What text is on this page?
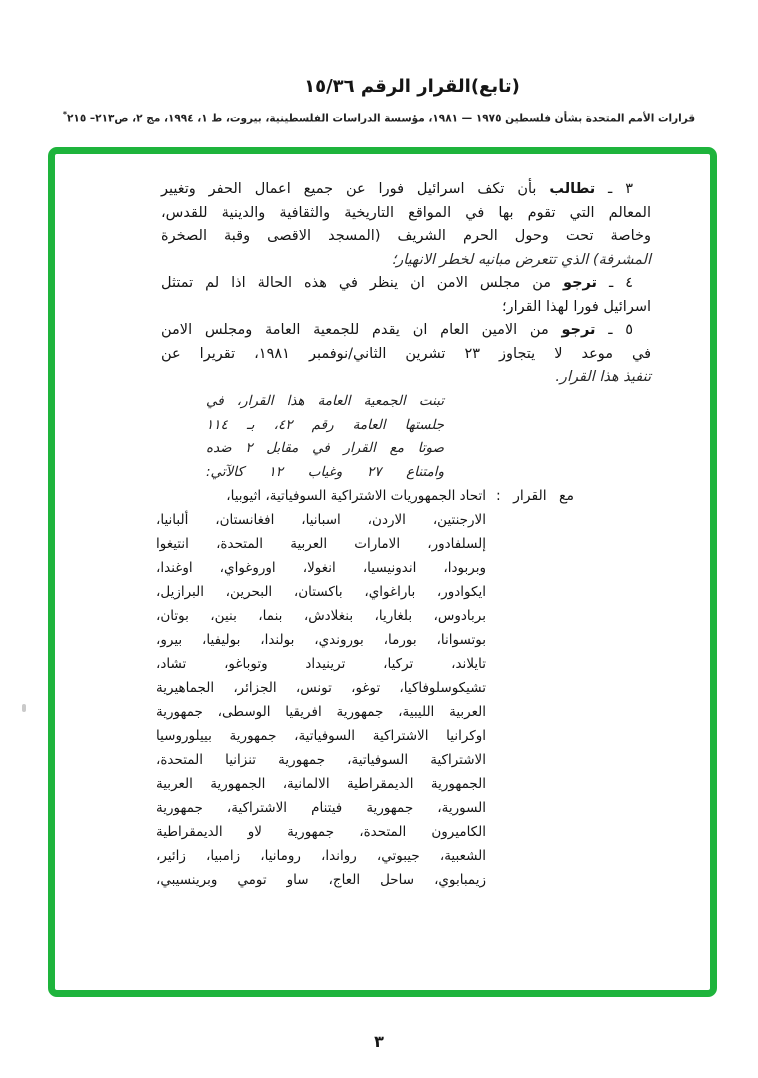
(تابع)القرار الرقم ١٥/٣٦
قرارات الأمم المتحدة بشأن فلسطين ١٩٧٥ — ١٩٨١، مؤسسة الدراسات الفلسطينية، بيروت، ط ١، ١٩٩٤، مج ٢، ص٢١٣– ٢١٥*
٣ ـ تطالب بأن تكف اسرائيل فورا عن جميع اعمال الحفر وتغيير
المعالم التي تقوم بها في المواقع التاريخية والثقافية والدينية للقدس،
وخاصة تحت وحول الحرم الشريف (المسجد الاقصى وقبة الصخرة
المشرفة) الذي تتعرض مبانيه لخطر الانهيار؛
٤ ـ ترجو من مجلس الامن ان ينظر في هذه الحالة اذا لم تمتثل
اسرائيل فورا لهذا القرار؛
٥ ـ ترجو من الامين العام ان يقدم للجمعية العامة ومجلس الامن
في موعد لا يتجاوز ٢٣ تشرين الثاني/نوفمبر ١٩٨١، تقريرا عن
تنفيذ هذا القرار.
تبنت الجمعية العامة هذا القرار، في
جلستها العامة رقم ٤٢، بـ ١١٤
صوتا مع القرار في مقابل ٢ ضده
وامتناع ٢٧ وغياب ١٢ كالآتي:
مع القرار :
اتحاد الجمهوريات الاشتراكية السوفياتية، اثيوبيا،
الارجنتين، الاردن، اسبانيا، افغانستان، ألبانيا،
إلسلفادور، الامارات العربية المتحدة، انتيغوا
وبربودا، اندونيسيا، انغولا، اوروغواي، اوغندا،
ايكوادور، باراغواي، باكستان، البحرين، البرازيل،
بربادوس، بلغاريا، بنغلادش، بنما، بنين، بوتان،
بوتسوانا، بورما، بوروندي، بولندا، بوليفيا، بيرو،
تايلاند، تركيا، ترينيداد وتوباغو، تشاد،
تشيكوسلوفاكيا، توغو، تونس، الجزائر، الجماهيرية
العربية الليبية، جمهورية افريقيا الوسطى، جمهورية
اوكرانيا الاشتراكية السوفياتية، جمهورية بييلوروسيا
الاشتراكية السوفياتية، جمهورية تنزانيا المتحدة،
الجمهورية الديمقراطية الالمانية، الجمهورية العربية
السورية، جمهورية فيتنام الاشتراكية، جمهورية
الكاميرون المتحدة، جمهورية لاو الديمقراطية
الشعبية، جيبوتي، رواندا، رومانيا، زامبيا، زائير،
زيمبابوي، ساحل العاج، ساو تومي وبرينسيبي،
٣
